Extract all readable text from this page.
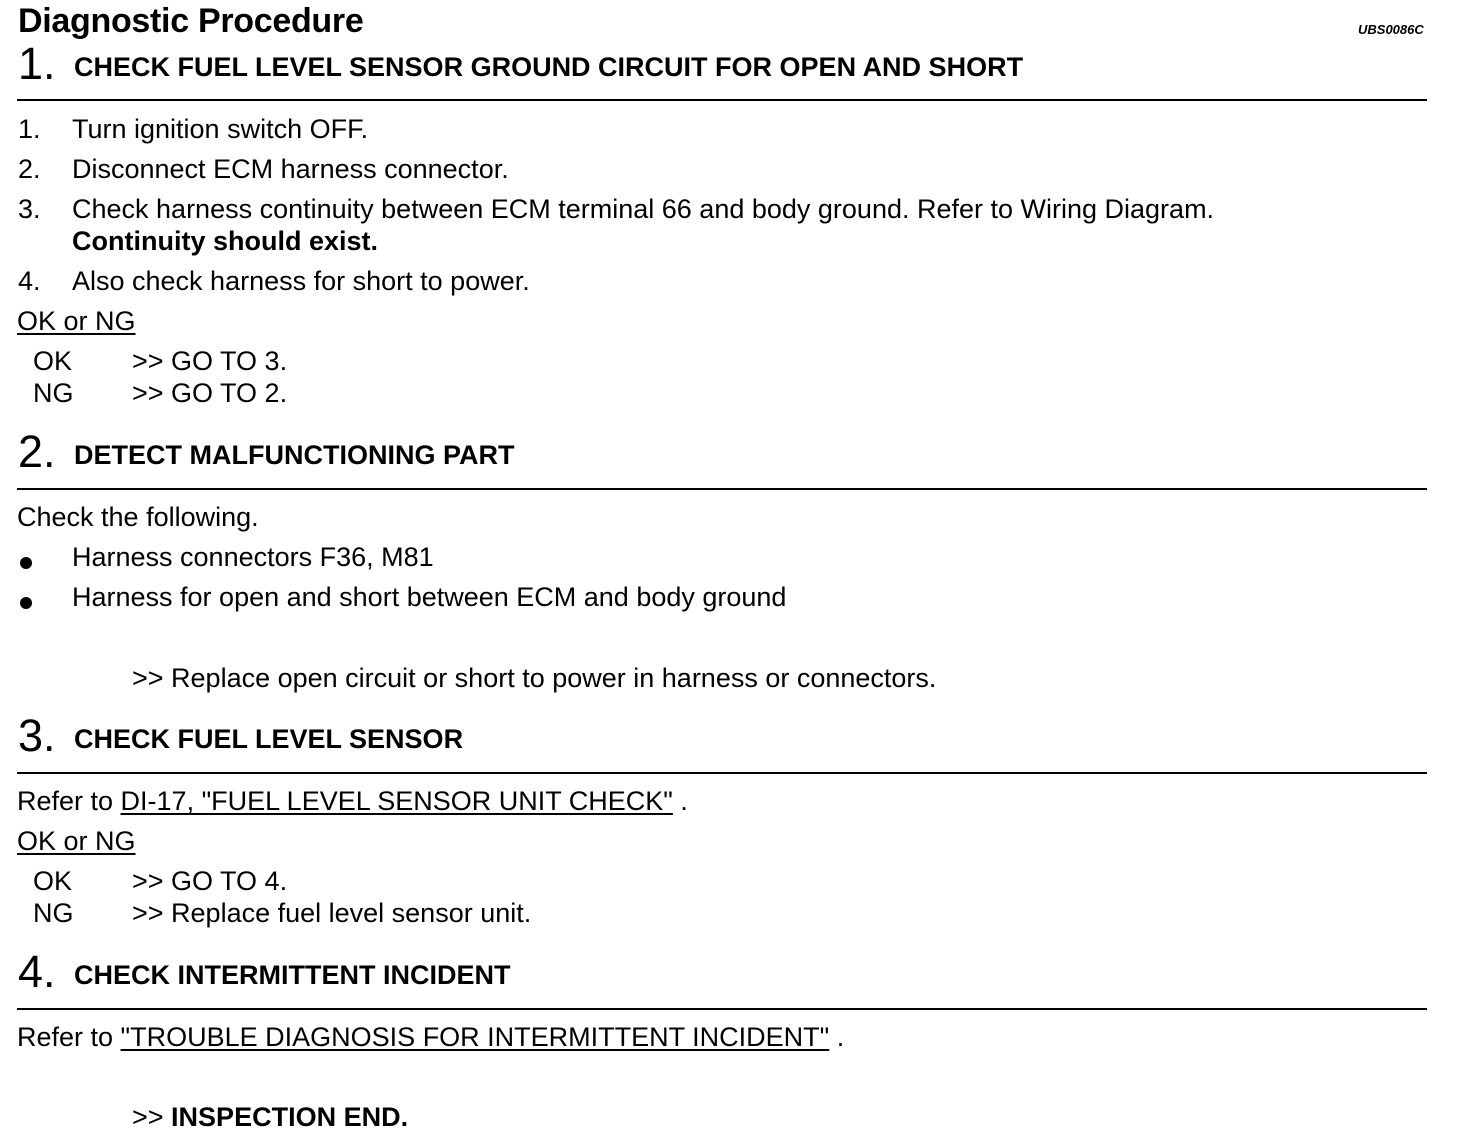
Diagnostic Procedure	UBS0086C
1. CHECK FUEL LEVEL SENSOR GROUND CIRCUIT FOR OPEN AND SHORT
1. Turn ignition switch OFF.
2. Disconnect ECM harness connector.
3. Check harness continuity between ECM terminal 66 and body ground. Refer to Wiring Diagram.
Continuity should exist.
4. Also check harness for short to power.
OK or NG
OK >> GO TO 3.
NG >> GO TO 2.
2. DETECT MALFUNCTIONING PART
Check the following.
Harness connectors F36, M81
Harness for open and short between ECM and body ground
>> Replace open circuit or short to power in harness or connectors.
3. CHECK FUEL LEVEL SENSOR
Refer to DI-17, "FUEL LEVEL SENSOR UNIT CHECK" .
OK or NG
OK >> GO TO 4.
NG >> Replace fuel level sensor unit.
4. CHECK INTERMITTENT INCIDENT
Refer to "TROUBLE DIAGNOSIS FOR INTERMITTENT INCIDENT" .
>> INSPECTION END.
